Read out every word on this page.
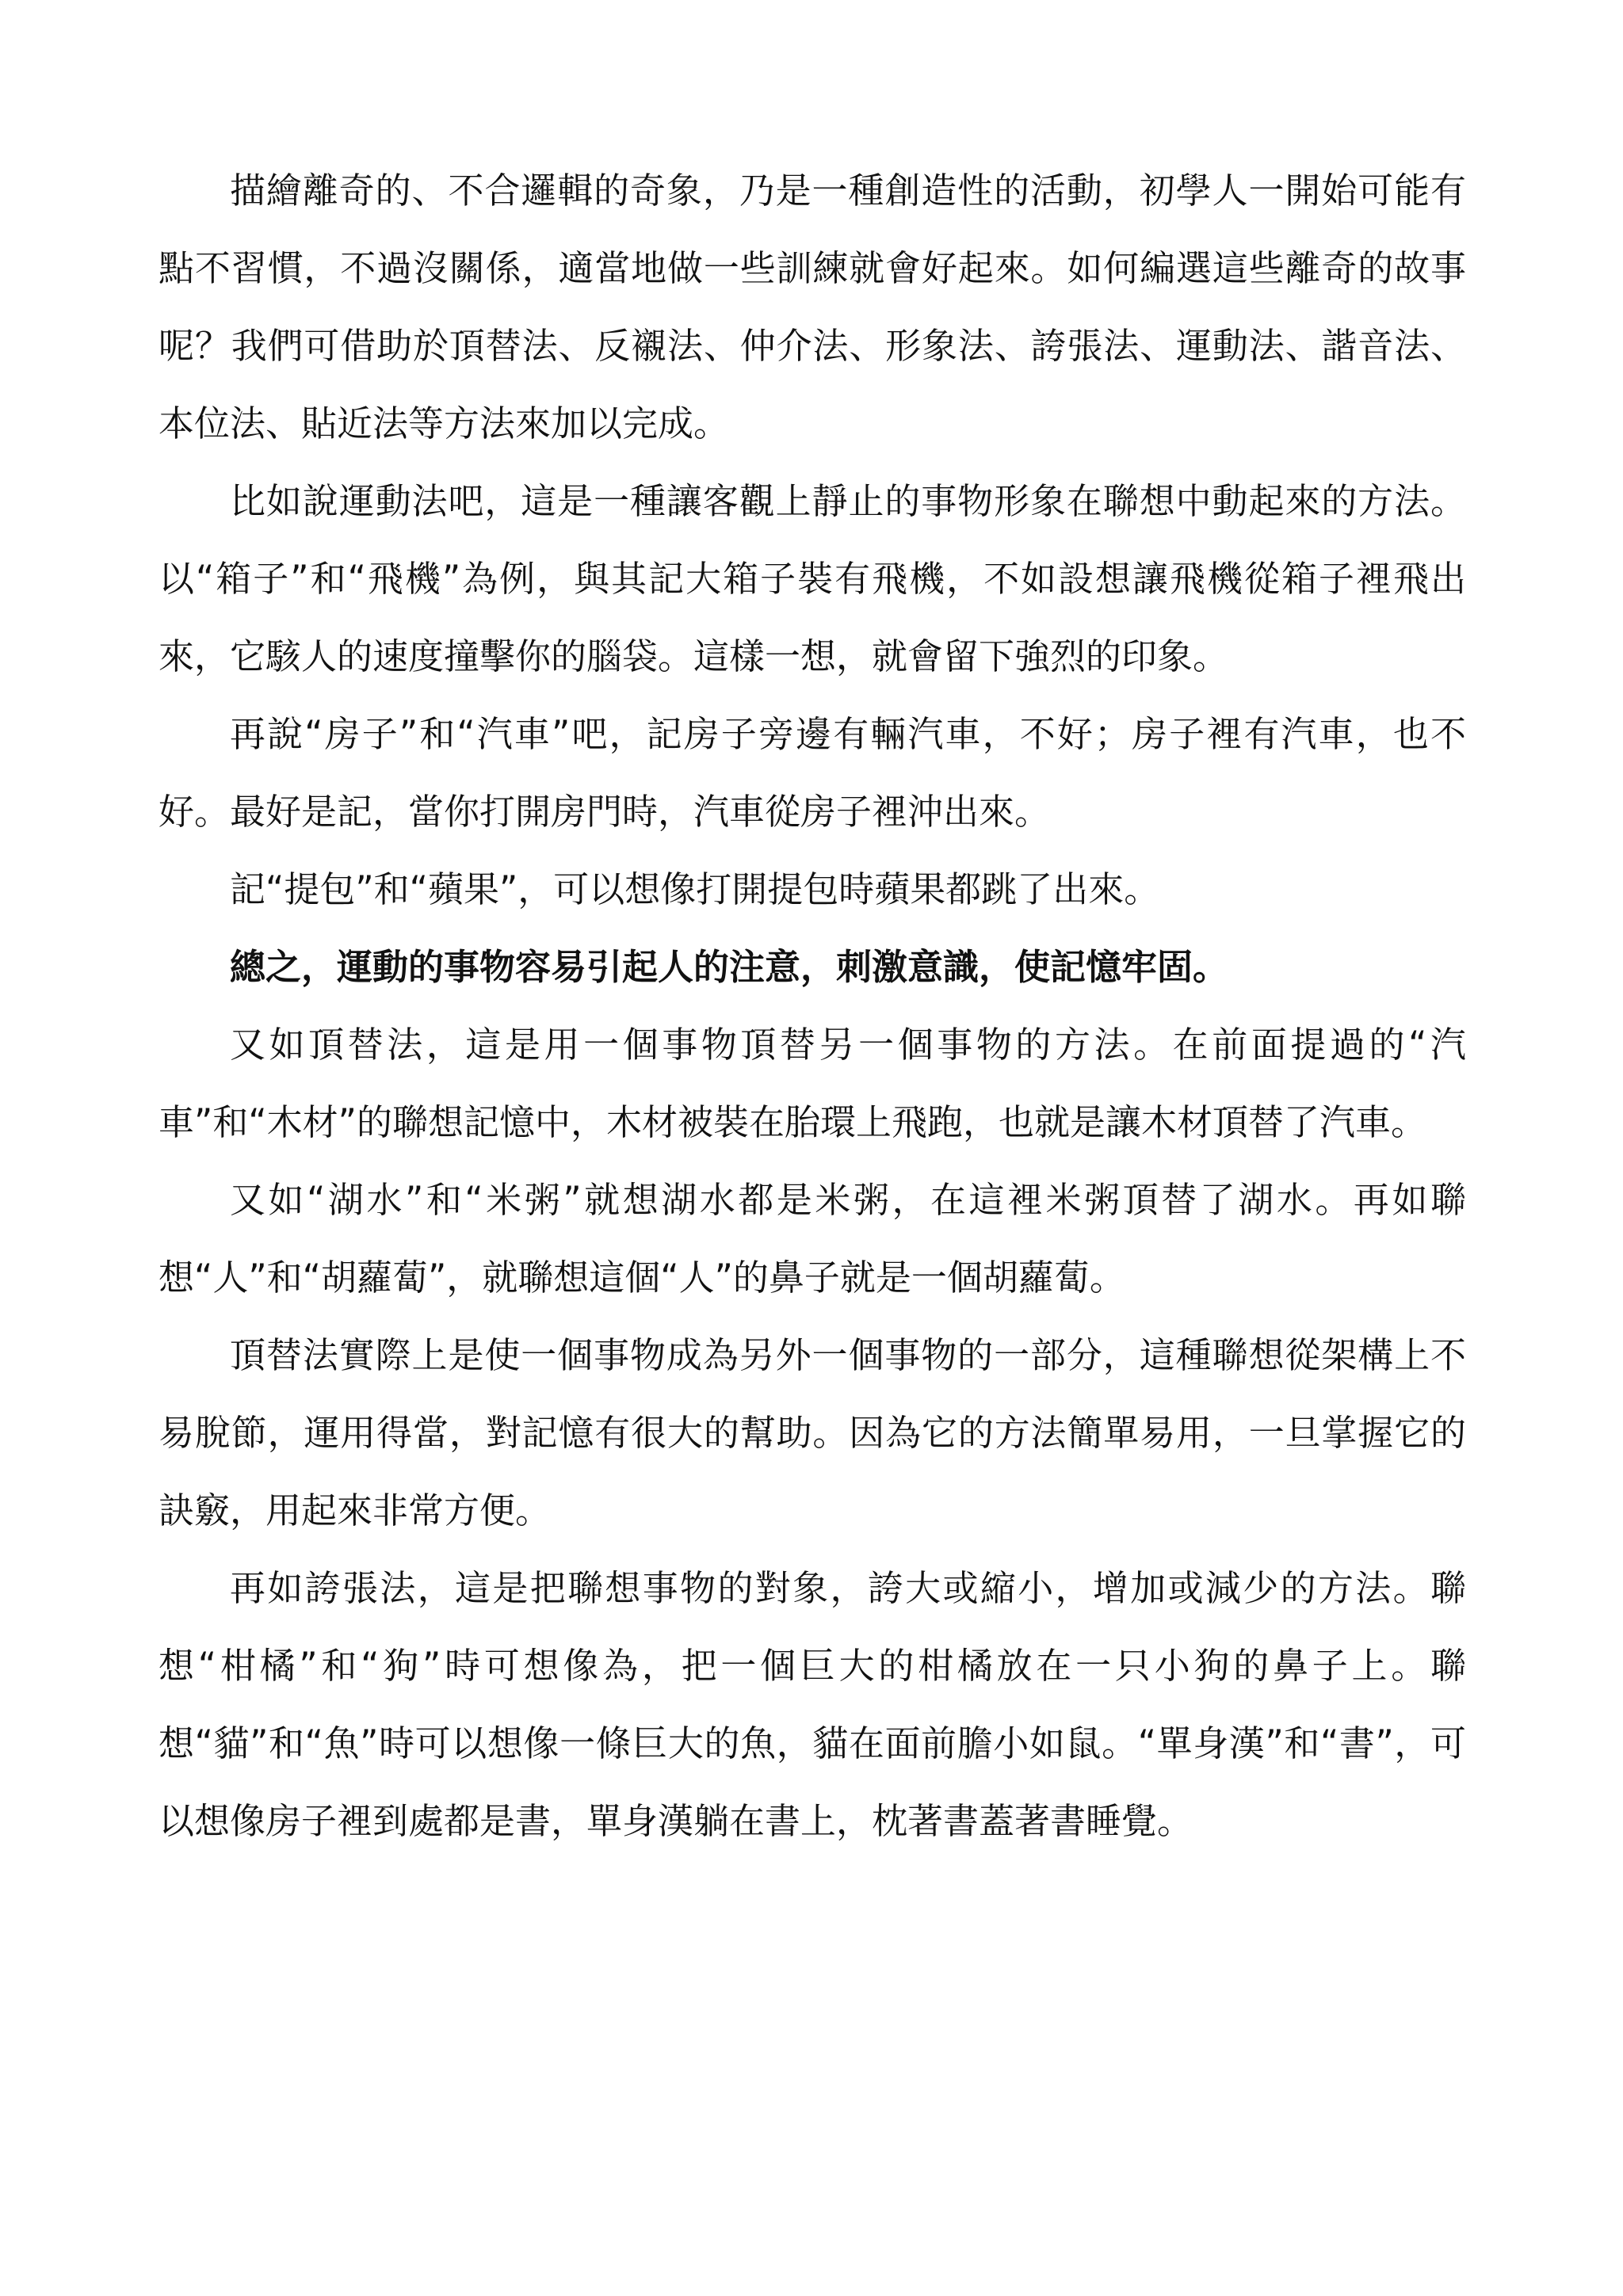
描繪離奇的、不合邏輯的奇象，乃是一種創造性的活動，初學人一開始可能有點不習慣，不過沒關係，適當地做一些訓練就會好起來。如何編選這些離奇的故事呢？我們可借助於頂替法、反襯法、仲介法、形象法、誇張法、運動法、諧音法、本位法、貼近法等方法來加以完成。

比如說運動法吧，這是一種讓客觀上靜止的事物形象在聯想中動起來的方法。以“箱子”和“飛機”為例，與其記大箱子裝有飛機，不如設想讓飛機從箱子裡飛出來，它駭人的速度撞擊你的腦袋。這樣一想，就會留下強烈的印象。

再說“房子”和“汽車”吧，記房子旁邊有輛汽車，不好；房子裡有汽車，也不好。最好是記，當你打開房門時，汽車從房子裡沖出來。

記“提包”和“蘋果”，可以想像打開提包時蘋果都跳了出來。

總之，運動的事物容易引起人的注意，刺激意識，使記憶牢固。

又如頂替法，這是用一個事物頂替另一個事物的方法。在前面提過的“汽車”和“木材”的聯想記憶中，木材被裝在胎環上飛跑，也就是讓木材頂替了汽車。

又如“湖水”和“米粥”就想湖水都是米粥，在這裡米粥頂替了湖水。再如聯想“人”和“胡蘿蔔”，就聯想這個“人”的鼻子就是一個胡蘿蔔。

頂替法實際上是使一個事物成為另外一個事物的一部分，這種聯想從架構上不易脫節，運用得當，對記憶有很大的幫助。因為它的方法簡單易用，一旦掌握它的訣竅，用起來非常方便。

再如誇張法，這是把聯想事物的對象，誇大或縮小，增加或減少的方法。聯想“柑橘”和“狗”時可想像為，把一個巨大的柑橘放在一只小狗的鼻子上。聯想“貓”和“魚”時可以想像一條巨大的魚，貓在面前膽小如鼠。“單身漢”和“書”，可以想像房子裡到處都是書，單身漢躺在書上，枕著書蓋著書睡覺。
